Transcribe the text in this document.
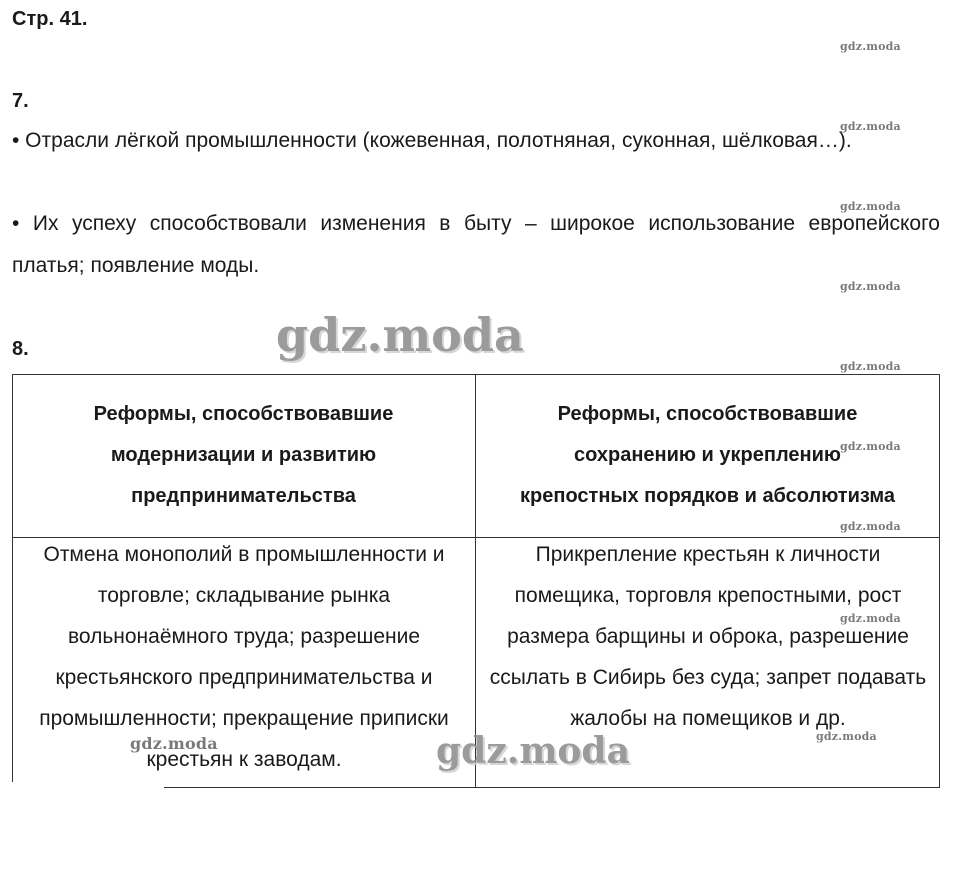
Стр. 41.
7.
• Отрасли лёгкой промышленности (кожевенная, полотняная, суконная, шёлковая…).
• Их успеху способствовали изменения в быту – широкое использование европейского платья; появление моды.
8.
Реформы, способствовавшие модернизации и развитию предпринимательства
Реформы, способствовавшие сохранению и укреплению крепостных порядков и абсолютизма
Отмена монополий в промышленности и торговле; складывание рынка вольнонаёмного труда; разрешение крестьянского предпринимательства и промышленности; прекращение приписки крестьян к заводам.
Прикрепление крестьян к личности помещика, торговля крепостными, рост размера барщины и оброка, разрешение ссылать в Сибирь без суда; запрет подавать жалобы на помещиков и др.
gdz.moda
gdz.moda
gdz.moda
gdz.moda
gdz.moda
gdz.moda
gdz.moda
gdz.moda
gdz.moda
gdz.moda
gdz.moda
gdz.moda
